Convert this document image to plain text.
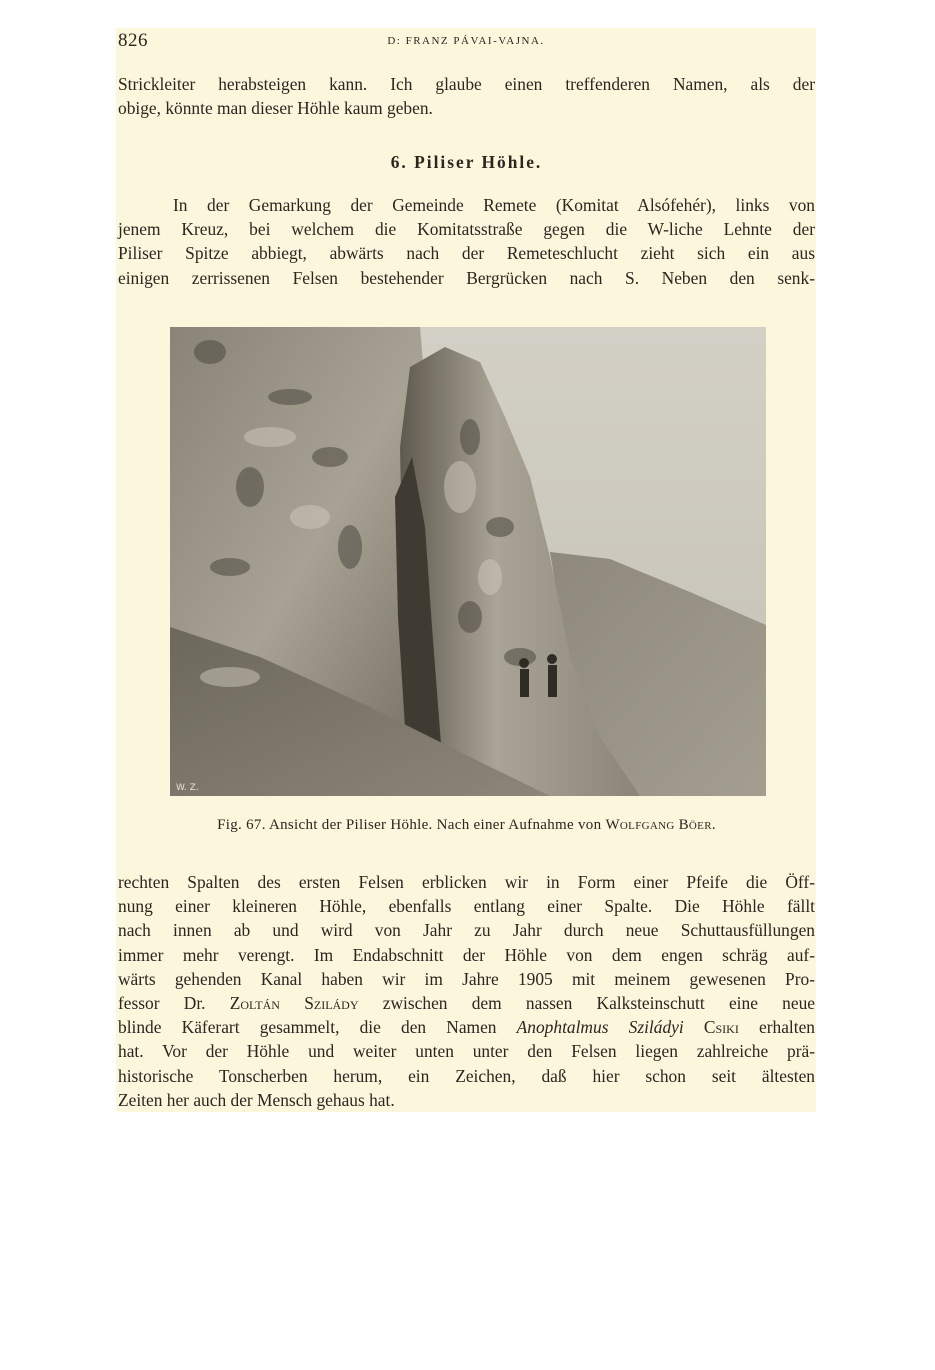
826	D: FRANZ PÁVAI-VAJNA.

Strickleiter herabsteigen kann. Ich glaube einen treffenderen Namen, als der
obige, könnte man dieser Höhle kaum geben.

6. Piliser Höhle.

In der Gemarkung der Gemeinde Remete (Komitat Alsófehér), links von
jenem Kreuz, bei welchem die Komitatsstraße gegen die W-liche Lehnte der
Piliser Spitze abbiegt, abwärts nach der Remeteschlucht zieht sich ein aus
einigen zerrissenen Felsen bestehender Bergrücken nach S. Neben den senk-

W. Z.

Fig. 67. Ansicht der Piliser Höhle. Nach einer Aufnahme von Wolfgang Böer.

rechten Spalten des ersten Felsen erblicken wir in Form einer Pfeife die Öff-
nung einer kleineren Höhle, ebenfalls entlang einer Spalte. Die Höhle fällt
nach innen ab und wird von Jahr zu Jahr durch neue Schuttausfüllungen
immer mehr verengt. Im Endabschnitt der Höhle von dem engen schräg auf-
wärts gehenden Kanal haben wir im Jahre 1905 mit meinem gewesenen Pro-
fessor Dr. Zoltán Szilády zwischen dem nassen Kalksteinschutt eine neue
blinde Käferart gesammelt, die den Namen Anophtalmus Sziládyi Csiki erhalten
hat. Vor der Höhle und weiter unten unter den Felsen liegen zahlreiche prä-
historische Tonscherben herum, ein Zeichen, daß hier schon seit ältesten
Zeiten her auch der Mensch gehaus hat.
